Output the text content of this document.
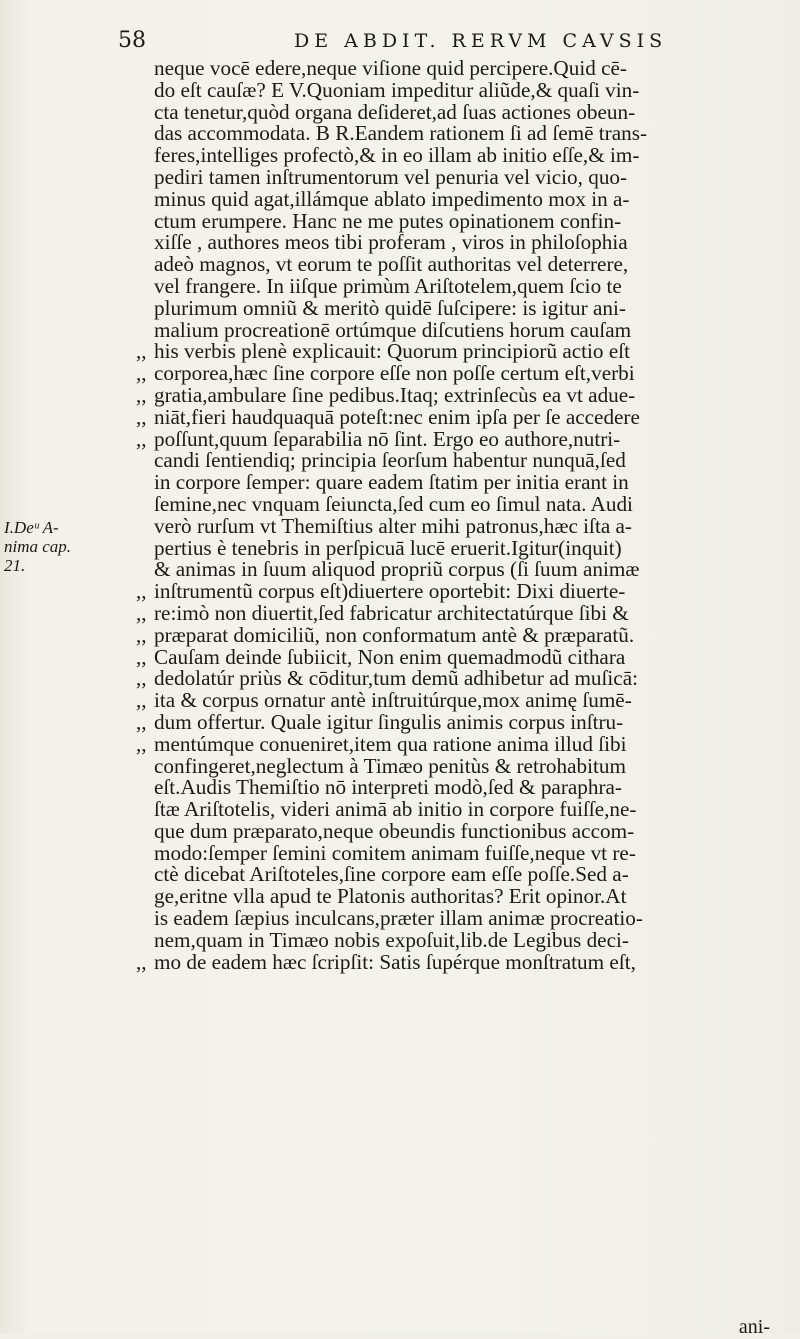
58	DE ABDIT. RERVM CAVSIS
I.Deᵘ A-
nima cap.
21.
neque vocē edere,neque viſione quid percipere.Quid cē-
do eſt cauſæ? E V.Quoniam impeditur aliũde,& quaſi vin-
cta tenetur,quòd organa deſideret,ad ſuas actiones obeun-
das accommodata. B R.Eandem rationem ſi ad ſemē trans-
feres,intelliges profectò,& in eo illam ab initio eſſe,& im-
pediri tamen inſtrumentorum vel penuria vel vicio, quo-
minus quid agat,illámque ablato impedimento mox in a-
ctum erumpere. Hanc ne me putes opinationem confin-
xiſſe , authores meos tibi proferam , viros in philoſophia
adeò magnos, vt eorum te poſſit authoritas vel deterrere,
vel frangere. In iiſque primùm Ariſtotelem,quem ſcio te
plurimum omniũ & meritò quidē ſuſcipere: is igitur ani-
malium procreationē ortúmque diſcutiens horum cauſam
,, his verbis plenè explicauit: Quorum principiorũ actio eſt
,, corporea,hæc ſine corpore eſſe non poſſe certum eſt,verbi
,, gratia,ambulare ſine pedibus.Itaq; extrinſecùs ea vt adue-
,, niāt,fieri haudquaquā poteſt:nec enim ipſa per ſe accedere
,, poſſunt,quum ſeparabilia nō ſint. Ergo eo authore,nutri-
candi ſentiendiq; principia ſeorſum habentur nunquā,ſed
in corpore ſemper: quare eadem ſtatim per initia erant in
ſemine,nec vnquam ſeiuncta,ſed cum eo ſimul nata. Audi
verò rurſum vt Themiſtius alter mihi patronus,hæc iſta a-
pertius è tenebris in perſpicuā lucē eruerit.Igitur(inquit)
& animas in ſuum aliquod propriũ corpus (ſi ſuum animæ
,, inſtrumentũ corpus eſt)diuertere oportebit: Dixi diuerte-
,, re:imò non diuertit,ſed fabricatur architectatúrque ſibi &
,, præparat domiciliũ, non conformatum antè & præparatũ.
,, Cauſam deinde ſubiicit, Non enim quemadmodũ cithara
,, dedolatúr priùs & cōditur,tum demũ adhibetur ad muſicā:
,, ita & corpus ornatur antè inſtruitúrque,mox animę ſumē-
,, dum offertur. Quale igitur ſingulis animis corpus inſtru-
,, mentúmque conueniret,item qua ratione anima illud ſibi
confingeret,neglectum à Timæo penitùs & retrohabitum
eſt.Audis Themiſtio nō interpreti modò,ſed & paraphra-
ſtæ Ariſtotelis, videri animā ab initio in corpore fuiſſe,ne-
que dum præparato,neque obeundis functionibus accom-
modo:ſemper ſemini comitem animam fuiſſe,neque vt re-
ctè dicebat Ariſtoteles,ſine corpore eam eſſe poſſe.Sed a-
ge,eritne vlla apud te Platonis authoritas? Erit opinor.At
is eadem ſæpius inculcans,præter illam animæ procreatio-
nem,quam in Timæo nobis expoſuit,lib.de Legibus deci-
,, mo de eadem hæc ſcripſit: Satis ſupérque monſtratum eſt,
ani-
